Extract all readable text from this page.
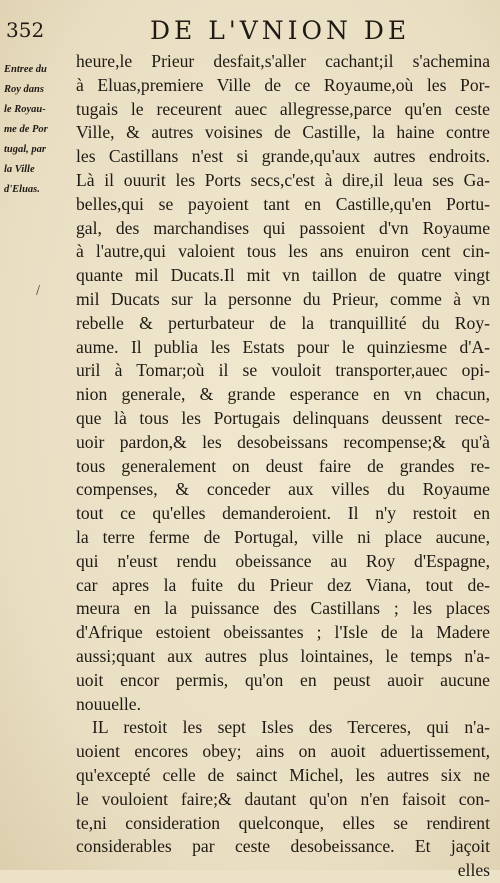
352	DE L'VNION DE
Entree du
Roy dans
le Royau-
me de Por
tugal, par
la Ville
d'Eluas.
/
heure,le Prieur desfait,s'aller cachant;il s'achemina
à Eluas,premiere Ville de ce Royaume,où les Por-
tugais le receurent auec allegresse,parce qu'en ceste
Ville, & autres voisines de Castille, la haine contre
les Castillans n'est si grande,qu'aux autres endroits.
Là il ouurit les Ports secs,c'est à dire,il leua ses Ga-
belles,qui se payoient tant en Castille,qu'en Portu-
gal, des marchandises qui passoient d'vn Royaume
à l'autre,qui valoient tous les ans enuiron cent cin-
quante mil Ducats.Il mit vn taillon de quatre vingt
mil Ducats sur la personne du Prieur, comme à vn
rebelle & perturbateur de la tranquillité du Roy-
aume. Il publia les Estats pour le quinziesme d'A-
uril à Tomar;où il se vouloit transporter,auec opi-
nion generale, & grande esperance en vn chacun,
que là tous les Portugais delinquans deussent rece-
uoir pardon,& les desobeissans recompense;& qu'à
tous generalement on deust faire de grandes re-
compenses, & conceder aux villes du Royaume
tout ce qu'elles demanderoient. Il n'y restoit en
la terre ferme de Portugal, ville ni place aucune,
qui n'eust rendu obeissance au Roy d'Espagne,
car apres la fuite du Prieur dez Viana, tout de-
meura en la puissance des Castillans ; les places
d'Afrique estoient obeissantes ; l'Isle de la Madere
aussi;quant aux autres plus lointaines, le temps n'a-
uoit encor permis, qu'on en peust auoir aucune
nouuelle.
IL restoit les sept Isles des Terceres, qui n'a-
uoient encores obey; ains on auoit aduertissement,
qu'excepté celle de sainct Michel, les autres six ne
le vouloient faire;& dautant qu'on n'en faisoit con-
te,ni consideration quelconque, elles se rendirent
considerables par ceste desobeissance. Et jaçoit
elles
